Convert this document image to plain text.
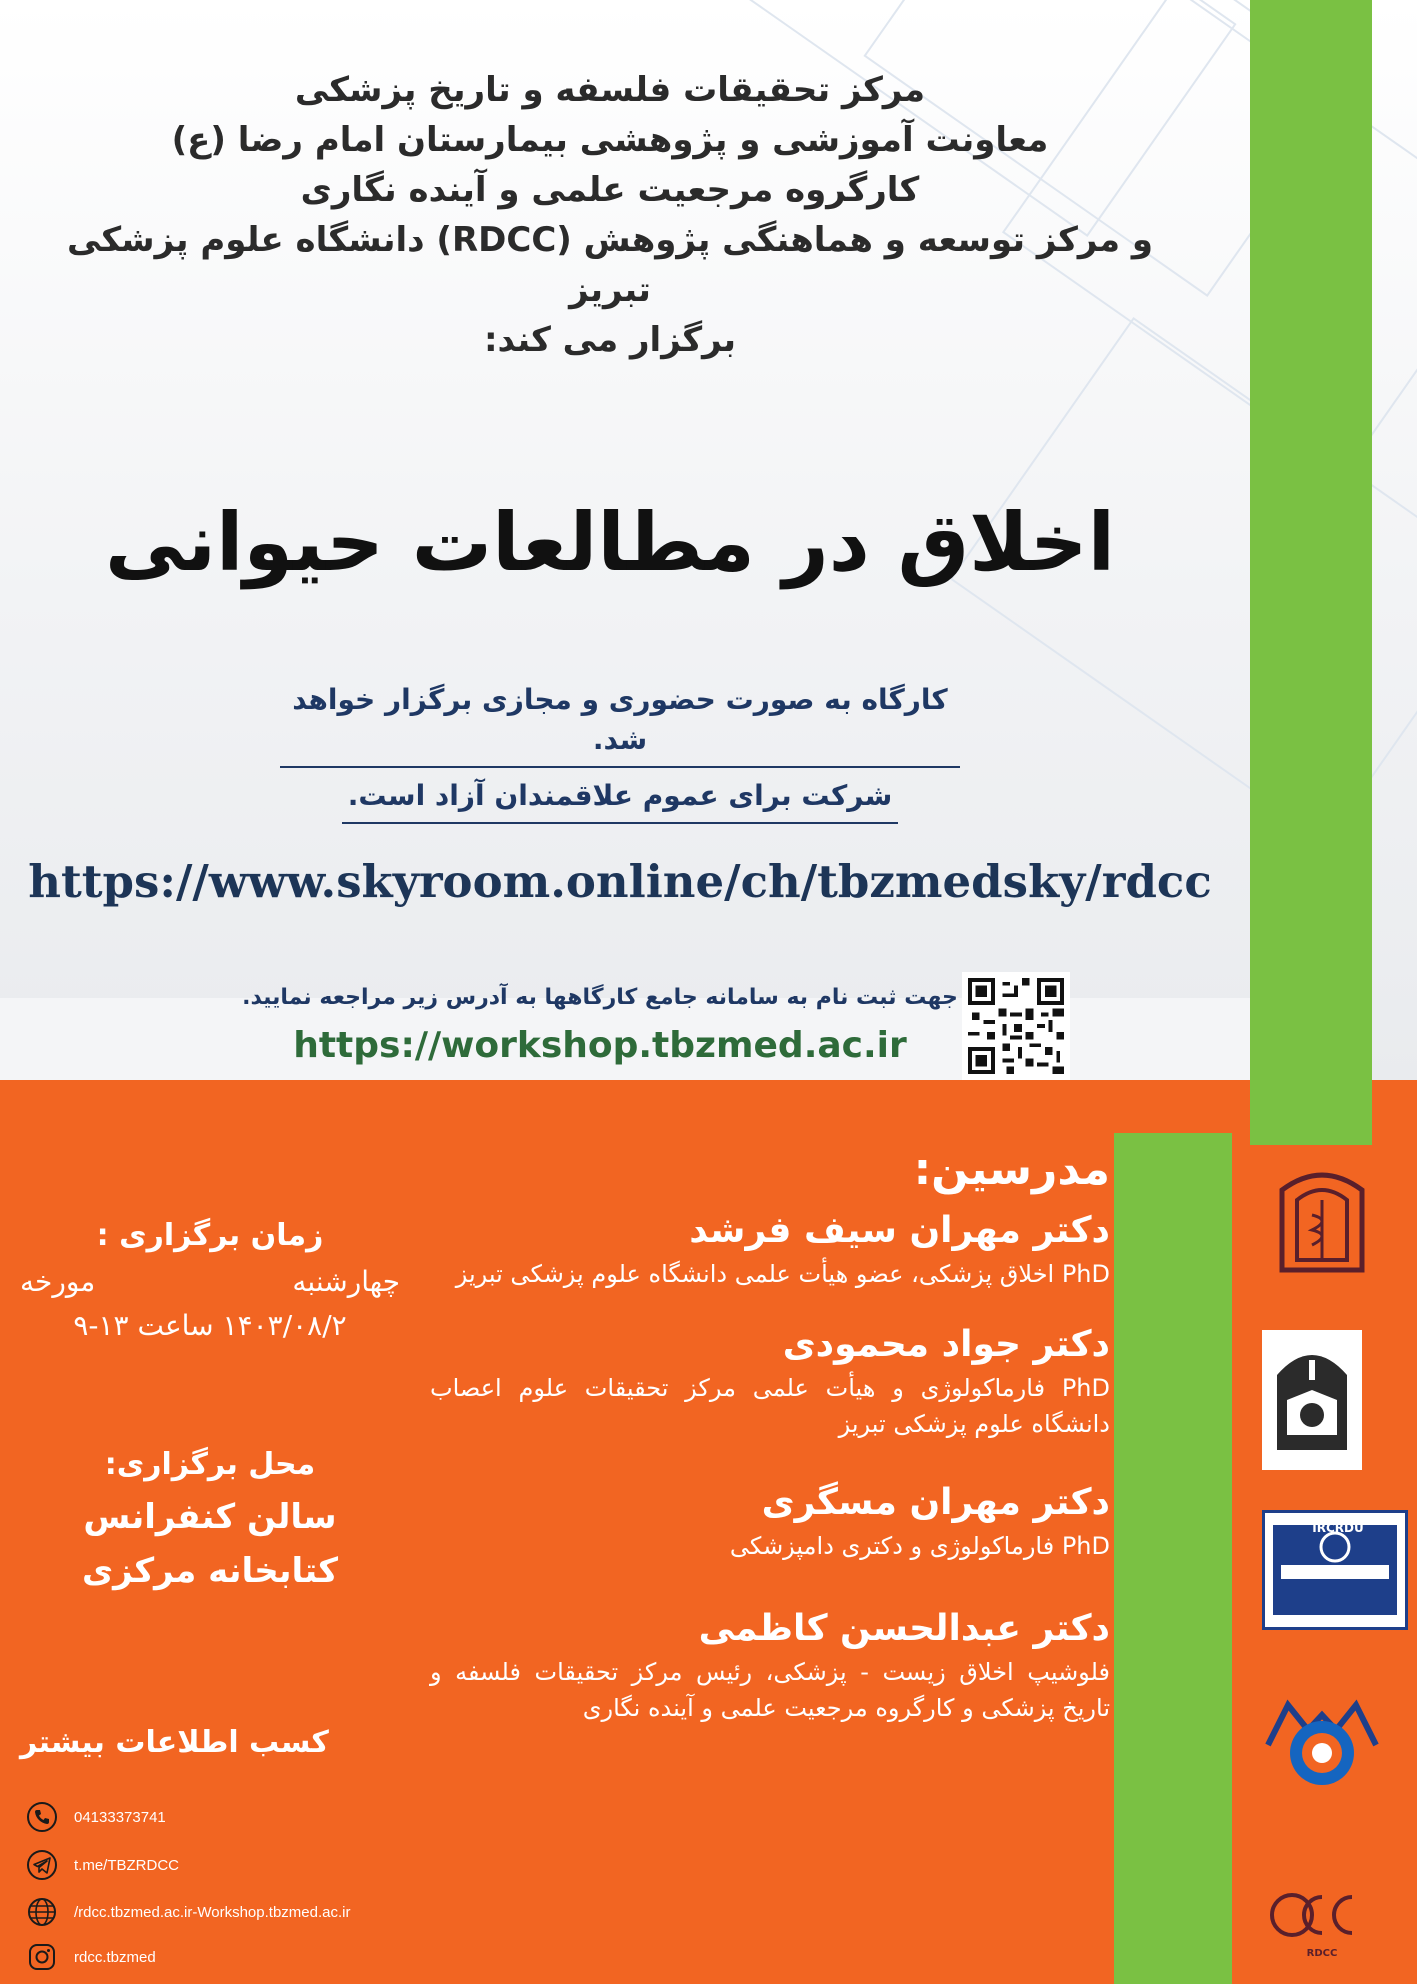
مرکز تحقیقات فلسفه و تاریخ پزشکی
معاونت آموزشی و پژوهشی بیمارستان امام رضا (ع)
کارگروه مرجعیت علمی و آینده نگاری
و مرکز توسعه و هماهنگی پژوهش (RDCC) دانشگاه علوم پزشکی تبریز
برگزار می کند:
اخلاق در مطالعات حیوانی
کارگاه به صورت حضوری و مجازی برگزار خواهد شد.
شرکت برای عموم علاقمندان آزاد است.
https://www.skyroom.online/ch/tbzmedsky/rdcc
جهت ثبت نام به سامانه جامع کارگاهها به آدرس زیر مراجعه نمایید.
https://workshop.tbzmed.ac.ir
مدرسین:
دکتر مهران سیف فرشد
PhD اخلاق پزشکی، عضو هیأت علمی دانشگاه علوم پزشکی تبریز
دکتر جواد محمودی
PhD فارماکولوژی و هیأت علمی مرکز تحقیقات علوم اعصاب دانشگاه علوم پزشکی تبریز
دکتر مهران مسگری
PhD فارماکولوژی و دکتری دامپزشکی
دکتر عبدالحسن کاظمی
فلوشیپ اخلاق زیست - پزشکی، رئیس مرکز تحقیقات فلسفه و تاریخ پزشکی و کارگروه مرجعیت علمی و آینده نگاری
زمان برگزاری :
چهارشنبه مورخه
۱۴۰۳/۰۸/۲ ساعت ۱۳-۹
محل برگزاری:
سالن کنفرانس
کتابخانه مرکزی
کسب اطلاعات بیشتر
04133373741
t.me/TBZRDCC
/rdcc.tbzmed.ac.ir-Workshop.tbzmed.ac.ir
rdcc.tbzmed
IRCRDU
RDCC
